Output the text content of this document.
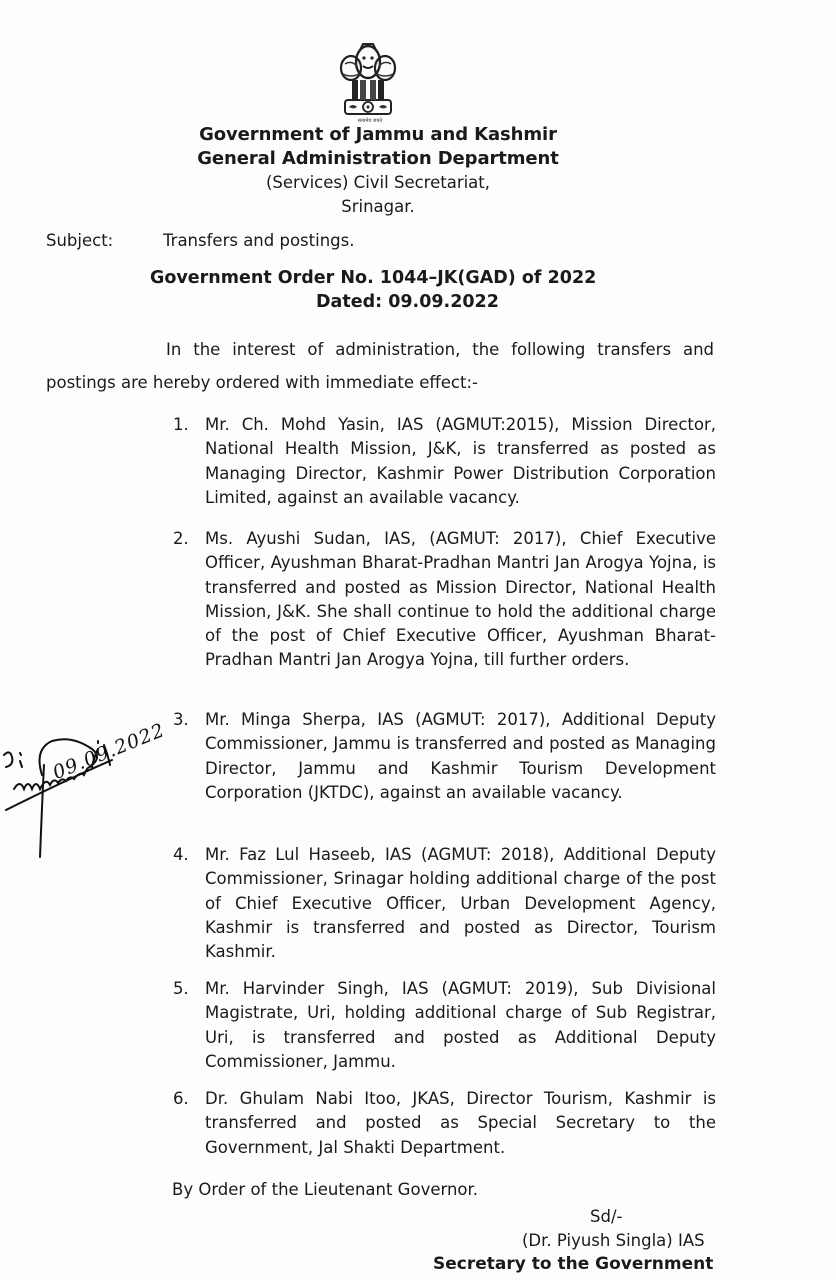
सत्यमेव जयते
Government of Jammu and Kashmir
General Administration Department
(Services) Civil Secretariat,
Srinagar.
Subject:	Transfers and postings.
Government Order No. 1044–JK(GAD) of 2022
Dated: 09.09.2022
In the interest of administration, the following transfers and
postings are hereby ordered with immediate effect:-
1. Mr. Ch. Mohd Yasin, IAS (AGMUT:2015), Mission Director, National Health Mission, J&K, is transferred as posted as Managing Director, Kashmir Power Distribution Corporation Limited, against an available vacancy.
2. Ms. Ayushi Sudan, IAS, (AGMUT: 2017), Chief Executive Officer, Ayushman Bharat-Pradhan Mantri Jan Arogya Yojna, is transferred and posted as Mission Director, National Health Mission, J&K. She shall continue to hold the additional charge of the post of Chief Executive Officer, Ayushman Bharat-Pradhan Mantri Jan Arogya Yojna, till further orders.
3. Mr. Minga Sherpa, IAS (AGMUT: 2017), Additional Deputy Commissioner, Jammu is transferred and posted as Managing Director, Jammu and Kashmir Tourism Development Corporation (JKTDC), against an available vacancy.
4. Mr. Faz Lul Haseeb, IAS (AGMUT: 2018), Additional Deputy Commissioner, Srinagar holding additional charge of the post of Chief Executive Officer, Urban Development Agency, Kashmir is transferred and posted as Director, Tourism Kashmir.
5. Mr. Harvinder Singh, IAS (AGMUT: 2019), Sub Divisional Magistrate, Uri, holding additional charge of Sub Registrar, Uri, is transferred and posted as Additional Deputy Commissioner, Jammu.
6. Dr. Ghulam Nabi Itoo, JKAS, Director Tourism, Kashmir is transferred and posted as Special Secretary to the Government, Jal Shakti Department.
By Order of the Lieutenant Governor.
Sd/-
(Dr. Piyush Singla) IAS
Secretary to the Government
09.09.2022
